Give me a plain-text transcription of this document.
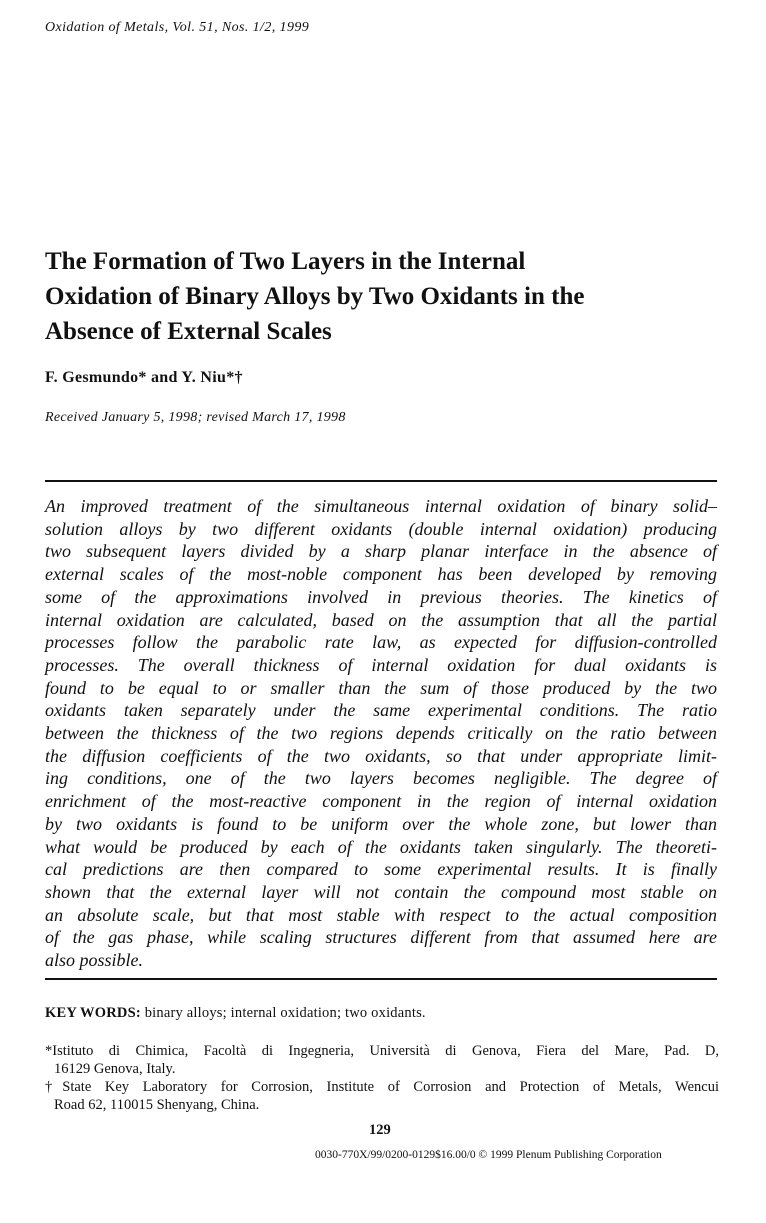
Oxidation of Metals, Vol. 51, Nos. 1/2, 1999
The Formation of Two Layers in the Internal
Oxidation of Binary Alloys by Two Oxidants in the
Absence of External Scales
F. Gesmundo* and Y. Niu*†
Received January 5, 1998; revised March 17, 1998
An improved treatment of the simultaneous internal oxidation of binary solid–
solution alloys by two different oxidants (double internal oxidation) producing
two subsequent layers divided by a sharp planar interface in the absence of
external scales of the most-noble component has been developed by removing
some of the approximations involved in previous theories. The kinetics of
internal oxidation are calculated, based on the assumption that all the partial
processes follow the parabolic rate law, as expected for diffusion-controlled
processes. The overall thickness of internal oxidation for dual oxidants is
found to be equal to or smaller than the sum of those produced by the two
oxidants taken separately under the same experimental conditions. The ratio
between the thickness of the two regions depends critically on the ratio between
the diffusion coefficients of the two oxidants, so that under appropriate limit-
ing conditions, one of the two layers becomes negligible. The degree of
enrichment of the most-reactive component in the region of internal oxidation
by two oxidants is found to be uniform over the whole zone, but lower than
what would be produced by each of the oxidants taken singularly. The theoreti-
cal predictions are then compared to some experimental results. It is finally
shown that the external layer will not contain the compound most stable on
an absolute scale, but that most stable with respect to the actual composition
of the gas phase, while scaling structures different from that assumed here are
also possible.
KEY WORDS: binary alloys; internal oxidation; two oxidants.
*Istituto di Chimica, Facoltà di Ingegneria, Università di Genova, Fiera del Mare, Pad. D,
16129 Genova, Italy.
†State Key Laboratory for Corrosion, Institute of Corrosion and Protection of Metals, Wencui
Road 62, 110015 Shenyang, China.
129
0030-770X/99/0200-0129$16.00/0 © 1999 Plenum Publishing Corporation
